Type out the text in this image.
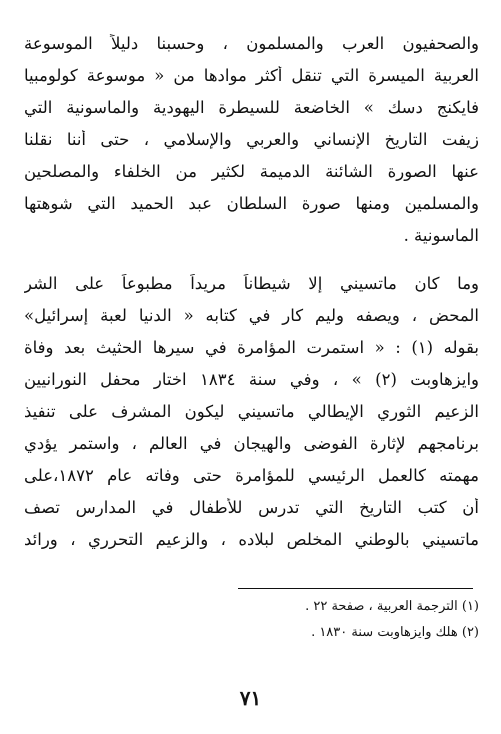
والصحفيون العرب والمسلمون ، وحسبنا دليلاً الموسوعة
العربية الميسرة التي تنقل أكثر موادها من « موسوعة كولومبيا
فايكنج دسك » الخاضعة للسيطرة اليهودية والماسونية التي
زيفت التاريخ الإنساني والعربي والإسلامي ، حتى أننا نقلنا
عنها الصورة الشائنة الدميمة لكثير من الخلفاء والمصلحين
والمسلمين ومنها صورة السلطان عبد الحميد التي شوهتها
الماسونية .
وما كان ماتسيني إلا شيطاناً مريداً مطبوعاً على الشر
المحض ، ويصفه وليم كار في كتابه « الدنيا لعبة إسرائيل»
بقوله (١) : « استمرت المؤامرة في سيرها الحثيث بعد وفاة
وايزهاوبت (٢) » ، وفي سنة ١٨٣٤ اختار محفل النورانيين
الزعيم الثوري الإيطالي ماتسيني ليكون المشرف على تنفيذ
برنامجهم لإثارة الفوضى والهيجان في العالم ، واستمر يؤدي
مهمته كالعمل الرئيسي للمؤامرة حتى وفاته عام ١٨٧٢،على
أن كتب التاريخ التي تدرس للأطفال في المدارس تصف
ماتسيني بالوطني المخلص لبلاده ، والزعيم التحرري ، ورائد
(١) الترجمة العربية ، صفحة ٢٢ .
(٢) هلك وايزهاوبت سنة ١٨٣٠ .
٧١
